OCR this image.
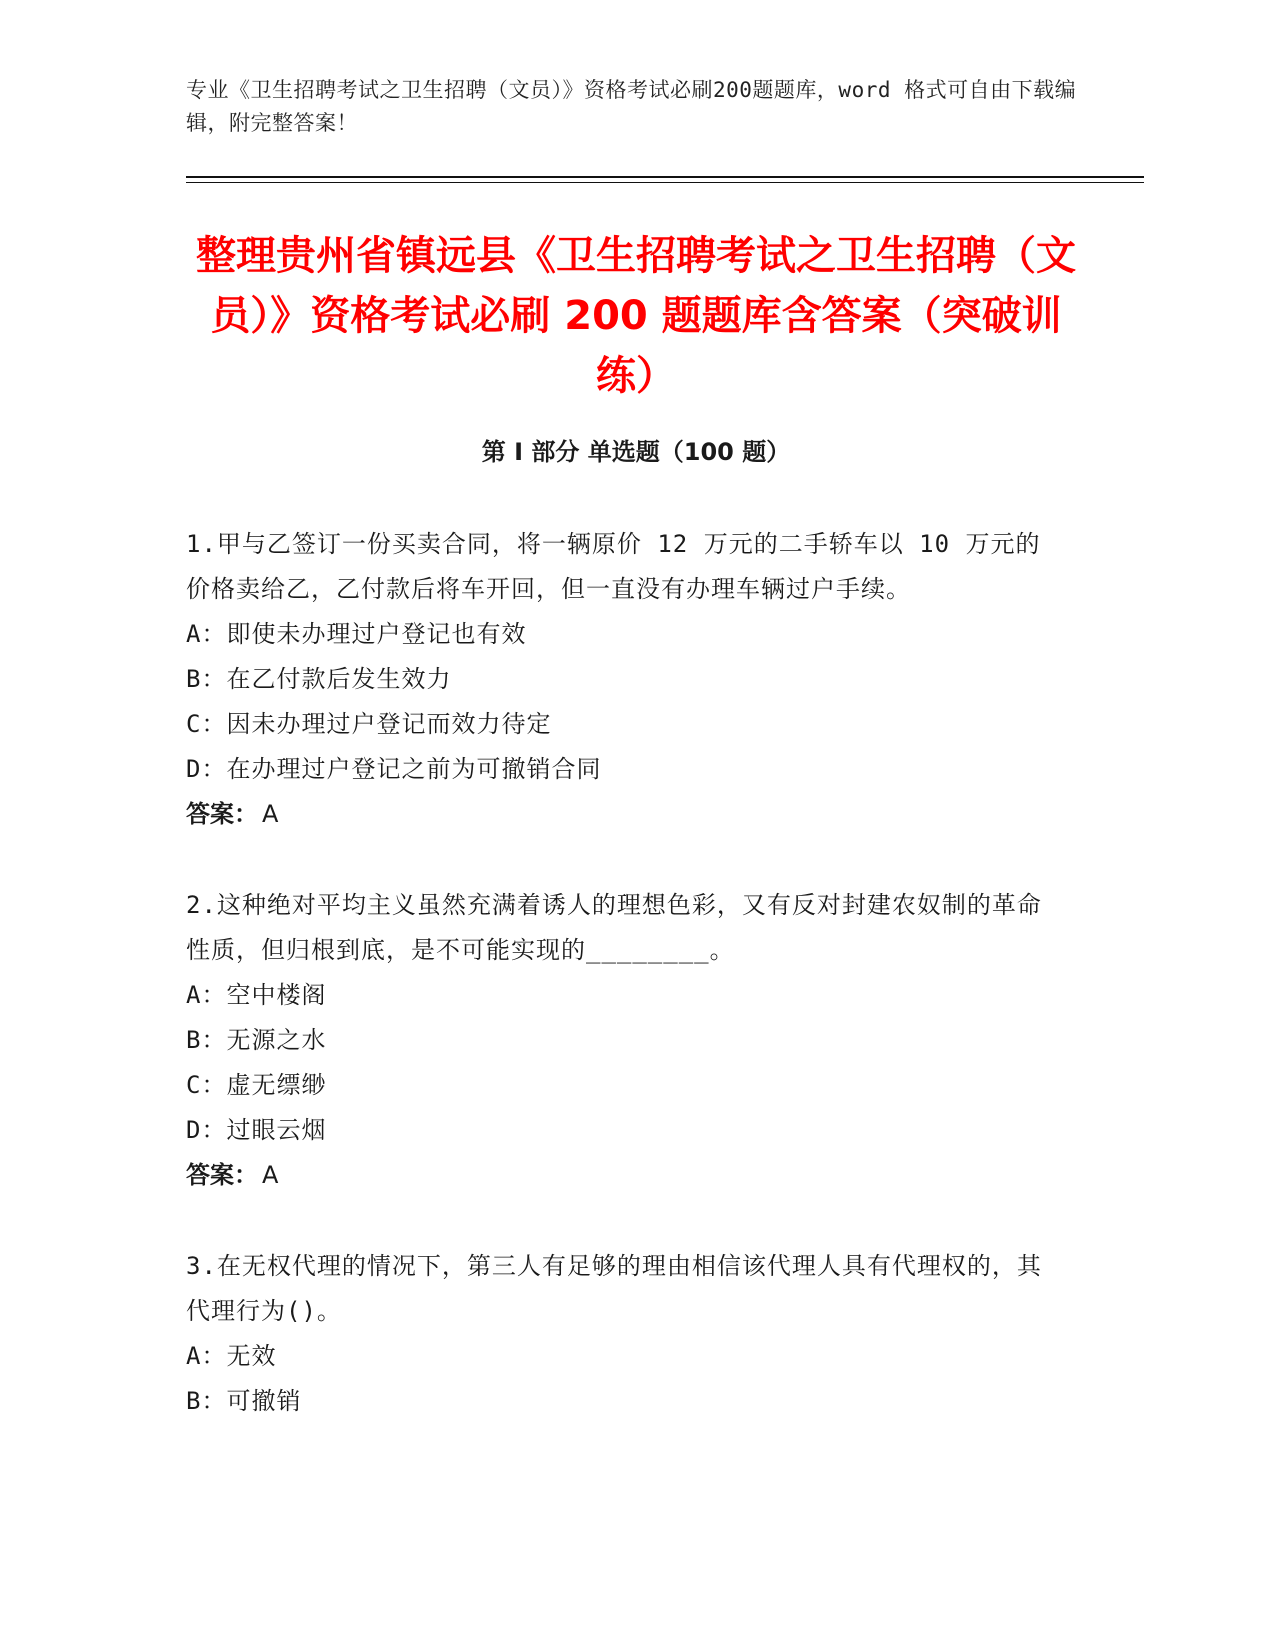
专业《卫生招聘考试之卫生招聘（文员）》资格考试必刷200题题库，word 格式可自由下载编辑，附完整答案！
整理贵州省镇远县《卫生招聘考试之卫生招聘（文员）》资格考试必刷 200 题题库含答案（突破训练）
第 I 部分 单选题（100 题）

1.甲与乙签订一份买卖合同，将一辆原价 12 万元的二手轿车以 10 万元的价格卖给乙，乙付款后将车开回，但一直没有办理车辆过户手续。

A：即使未办理过户登记也有效

B：在乙付款后发生效力

C：因未办理过户登记而效力待定

D：在办理过户登记之前为可撤销合同

答案： A

2.这种绝对平均主义虽然充满着诱人的理想色彩，又有反对封建农奴制的革命性质，但归根到底，是不可能实现的________。

A：空中楼阁

B：无源之水

C：虚无缥缈

D：过眼云烟

答案： A

3.在无权代理的情况下，第三人有足够的理由相信该代理人具有代理权的，其代理行为()。

A：无效

B：可撤销
